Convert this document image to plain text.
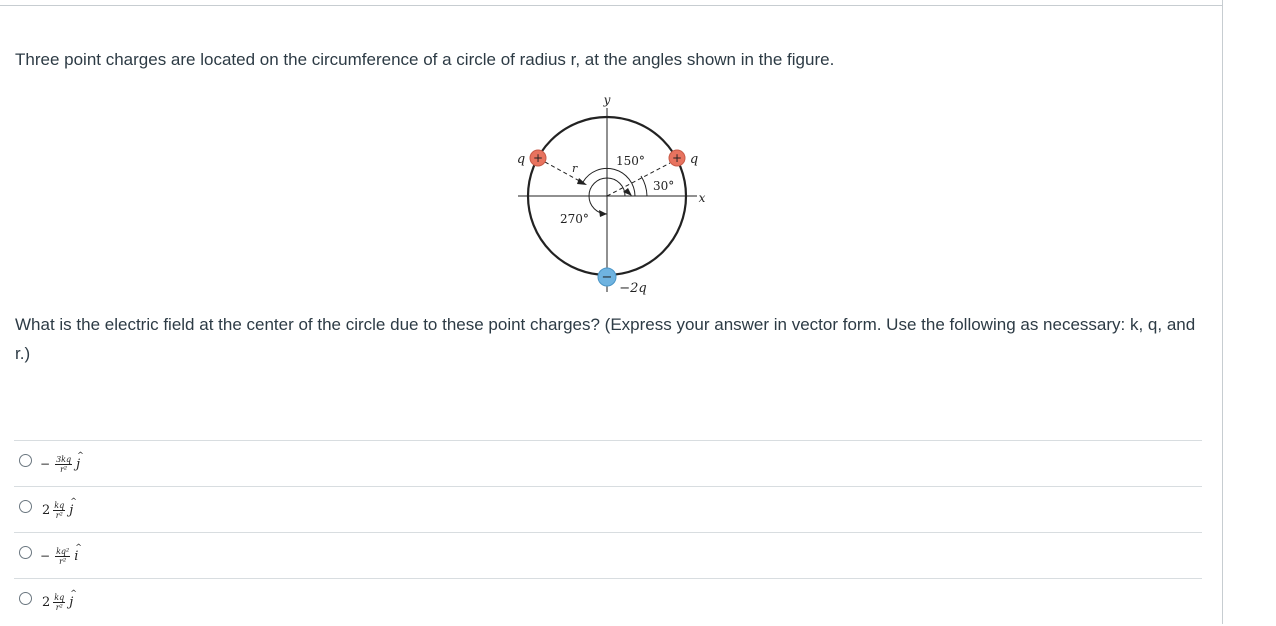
Three point charges are located on the circumference of a circle of radius r, at the angles shown in the figure.
y
x
r
150°
30°
270°
+
q	+ q
−
−2q
What is the electric field at the center of the circle due to these point charges? (Express your answer in vector form. Use the following as necessary: k, q, and r.)
− $\frac{3kq}{\text{r²}}$ ^
j
$2 \frac{kq}{\text{r²}}$ ^
j
− $\frac{\text{kq²}}{\text{r²}}$ ^
i
$2 \frac{kq}{\text{r²}}$ ^
j
